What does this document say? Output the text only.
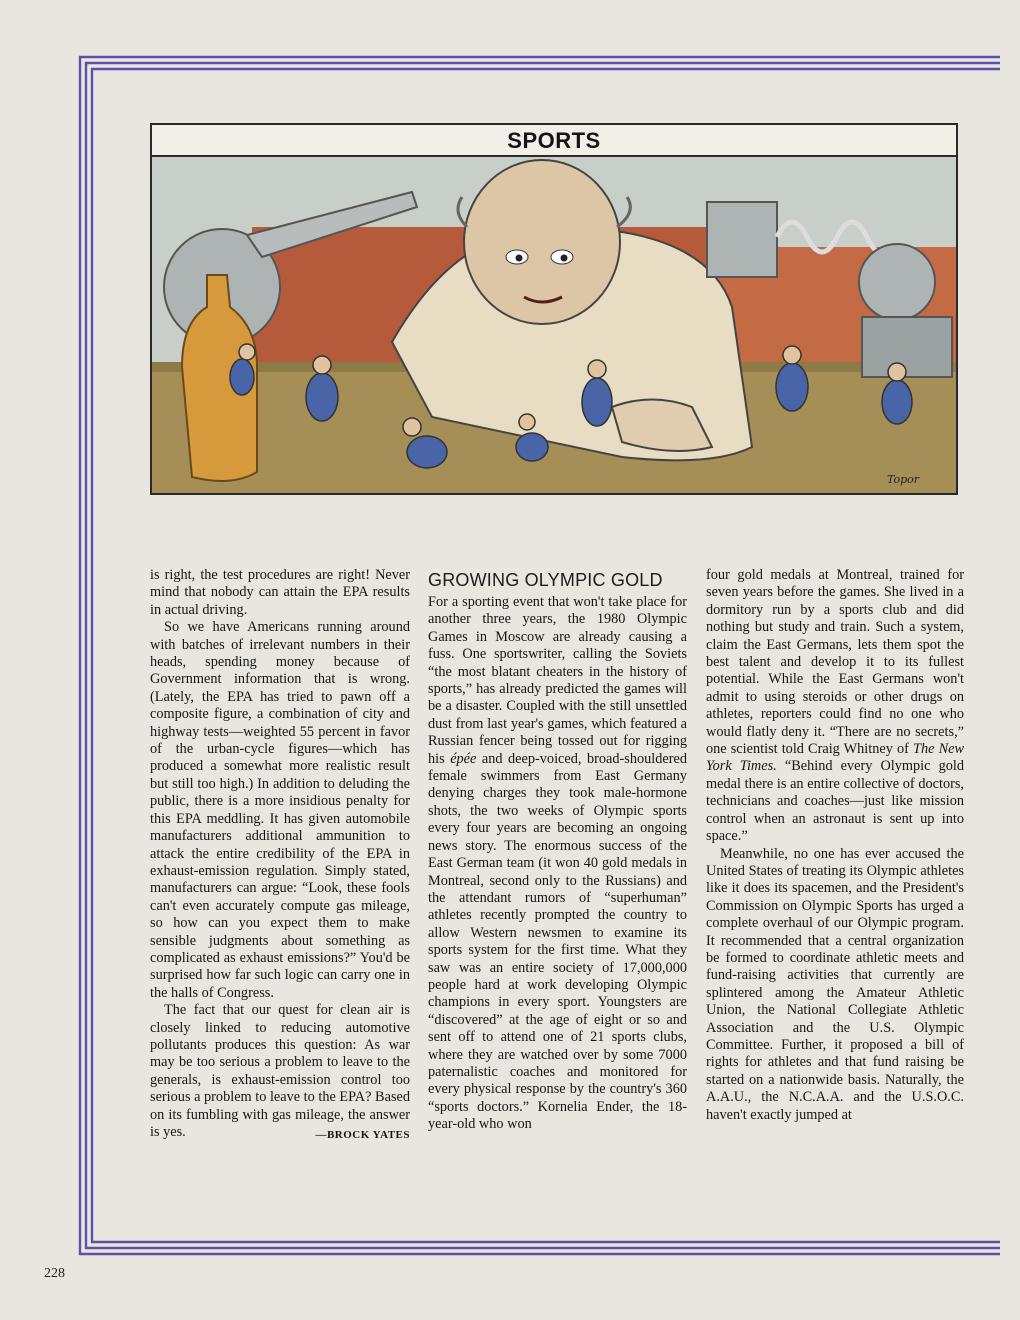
SPORTS
Topor

is right, the test procedures are right! Never mind that nobody can attain the EPA results in actual driving.

So we have Americans running around with batches of irrelevant numbers in their heads, spending money because of Government information that is wrong. (Lately, the EPA has tried to pawn off a composite figure, a combination of city and highway tests—weighted 55 percent in favor of the urban-cycle figures—which has produced a somewhat more realistic result but still too high.) In addition to deluding the public, there is a more insidious penalty for this EPA meddling. It has given automobile manufacturers additional ammunition to attack the entire credibility of the EPA in exhaust-emission regulation. Simply stated, manufacturers can argue: “Look, these fools can't even accurately compute gas mileage, so how can you expect them to make sensible judgments about something as complicated as exhaust emissions?” You'd be surprised how far such logic can carry one in the halls of Congress.

The fact that our quest for clean air is closely linked to reducing automotive pollutants produces this question: As war may be too serious a problem to leave to the generals, is exhaust-emission control too serious a problem to leave to the EPA? Based on its fumbling with gas mileage, the answer is yes.	—BROCK YATES

GROWING OLYMPIC GOLD

For a sporting event that won't take place for another three years, the 1980 Olympic Games in Moscow are already causing a fuss. One sportswriter, calling the Soviets “the most blatant cheaters in the history of sports,” has already predicted the games will be a disaster. Coupled with the still unsettled dust from last year's games, which featured a Russian fencer being tossed out for rigging his épée and deep-voiced, broad-shouldered female swimmers from East Germany denying charges they took male-hormone shots, the two weeks of Olympic sports every four years are becoming an ongoing news story. The enormous success of the East German team (it won 40 gold medals in Montreal, second only to the Russians) and the attendant rumors of “superhuman” athletes recently prompted the country to allow Western newsmen to examine its sports system for the first time. What they saw was an entire society of 17,000,000 people hard at work developing Olympic champions in every sport. Youngsters are “discovered” at the age of eight or so and sent off to attend one of 21 sports clubs, where they are watched over by some 7000 paternalistic coaches and monitored for every physical response by the country's 360 “sports doctors.” Kornelia Ender, the 18-year-old who won

four gold medals at Montreal, trained for seven years before the games. She lived in a dormitory run by a sports club and did nothing but study and train. Such a system, claim the East Germans, lets them spot the best talent and develop it to its fullest potential. While the East Germans won't admit to using steroids or other drugs on athletes, reporters could find no one who would flatly deny it. “There are no secrets,” one scientist told Craig Whitney of The New York Times. “Behind every Olympic gold medal there is an entire collective of doctors, technicians and coaches—just like mission control when an astronaut is sent up into space.”

Meanwhile, no one has ever accused the United States of treating its Olympic athletes like it does its spacemen, and the President's Commission on Olympic Sports has urged a complete overhaul of our Olympic program. It recommended that a central organization be formed to coordinate athletic meets and fund-raising activities that currently are splintered among the Amateur Athletic Union, the National Collegiate Athletic Association and the U.S. Olympic Committee. Further, it proposed a bill of rights for athletes and that fund raising be started on a nationwide basis. Naturally, the A.A.U., the N.C.A.A. and the U.S.O.C. haven't exactly jumped at

228
